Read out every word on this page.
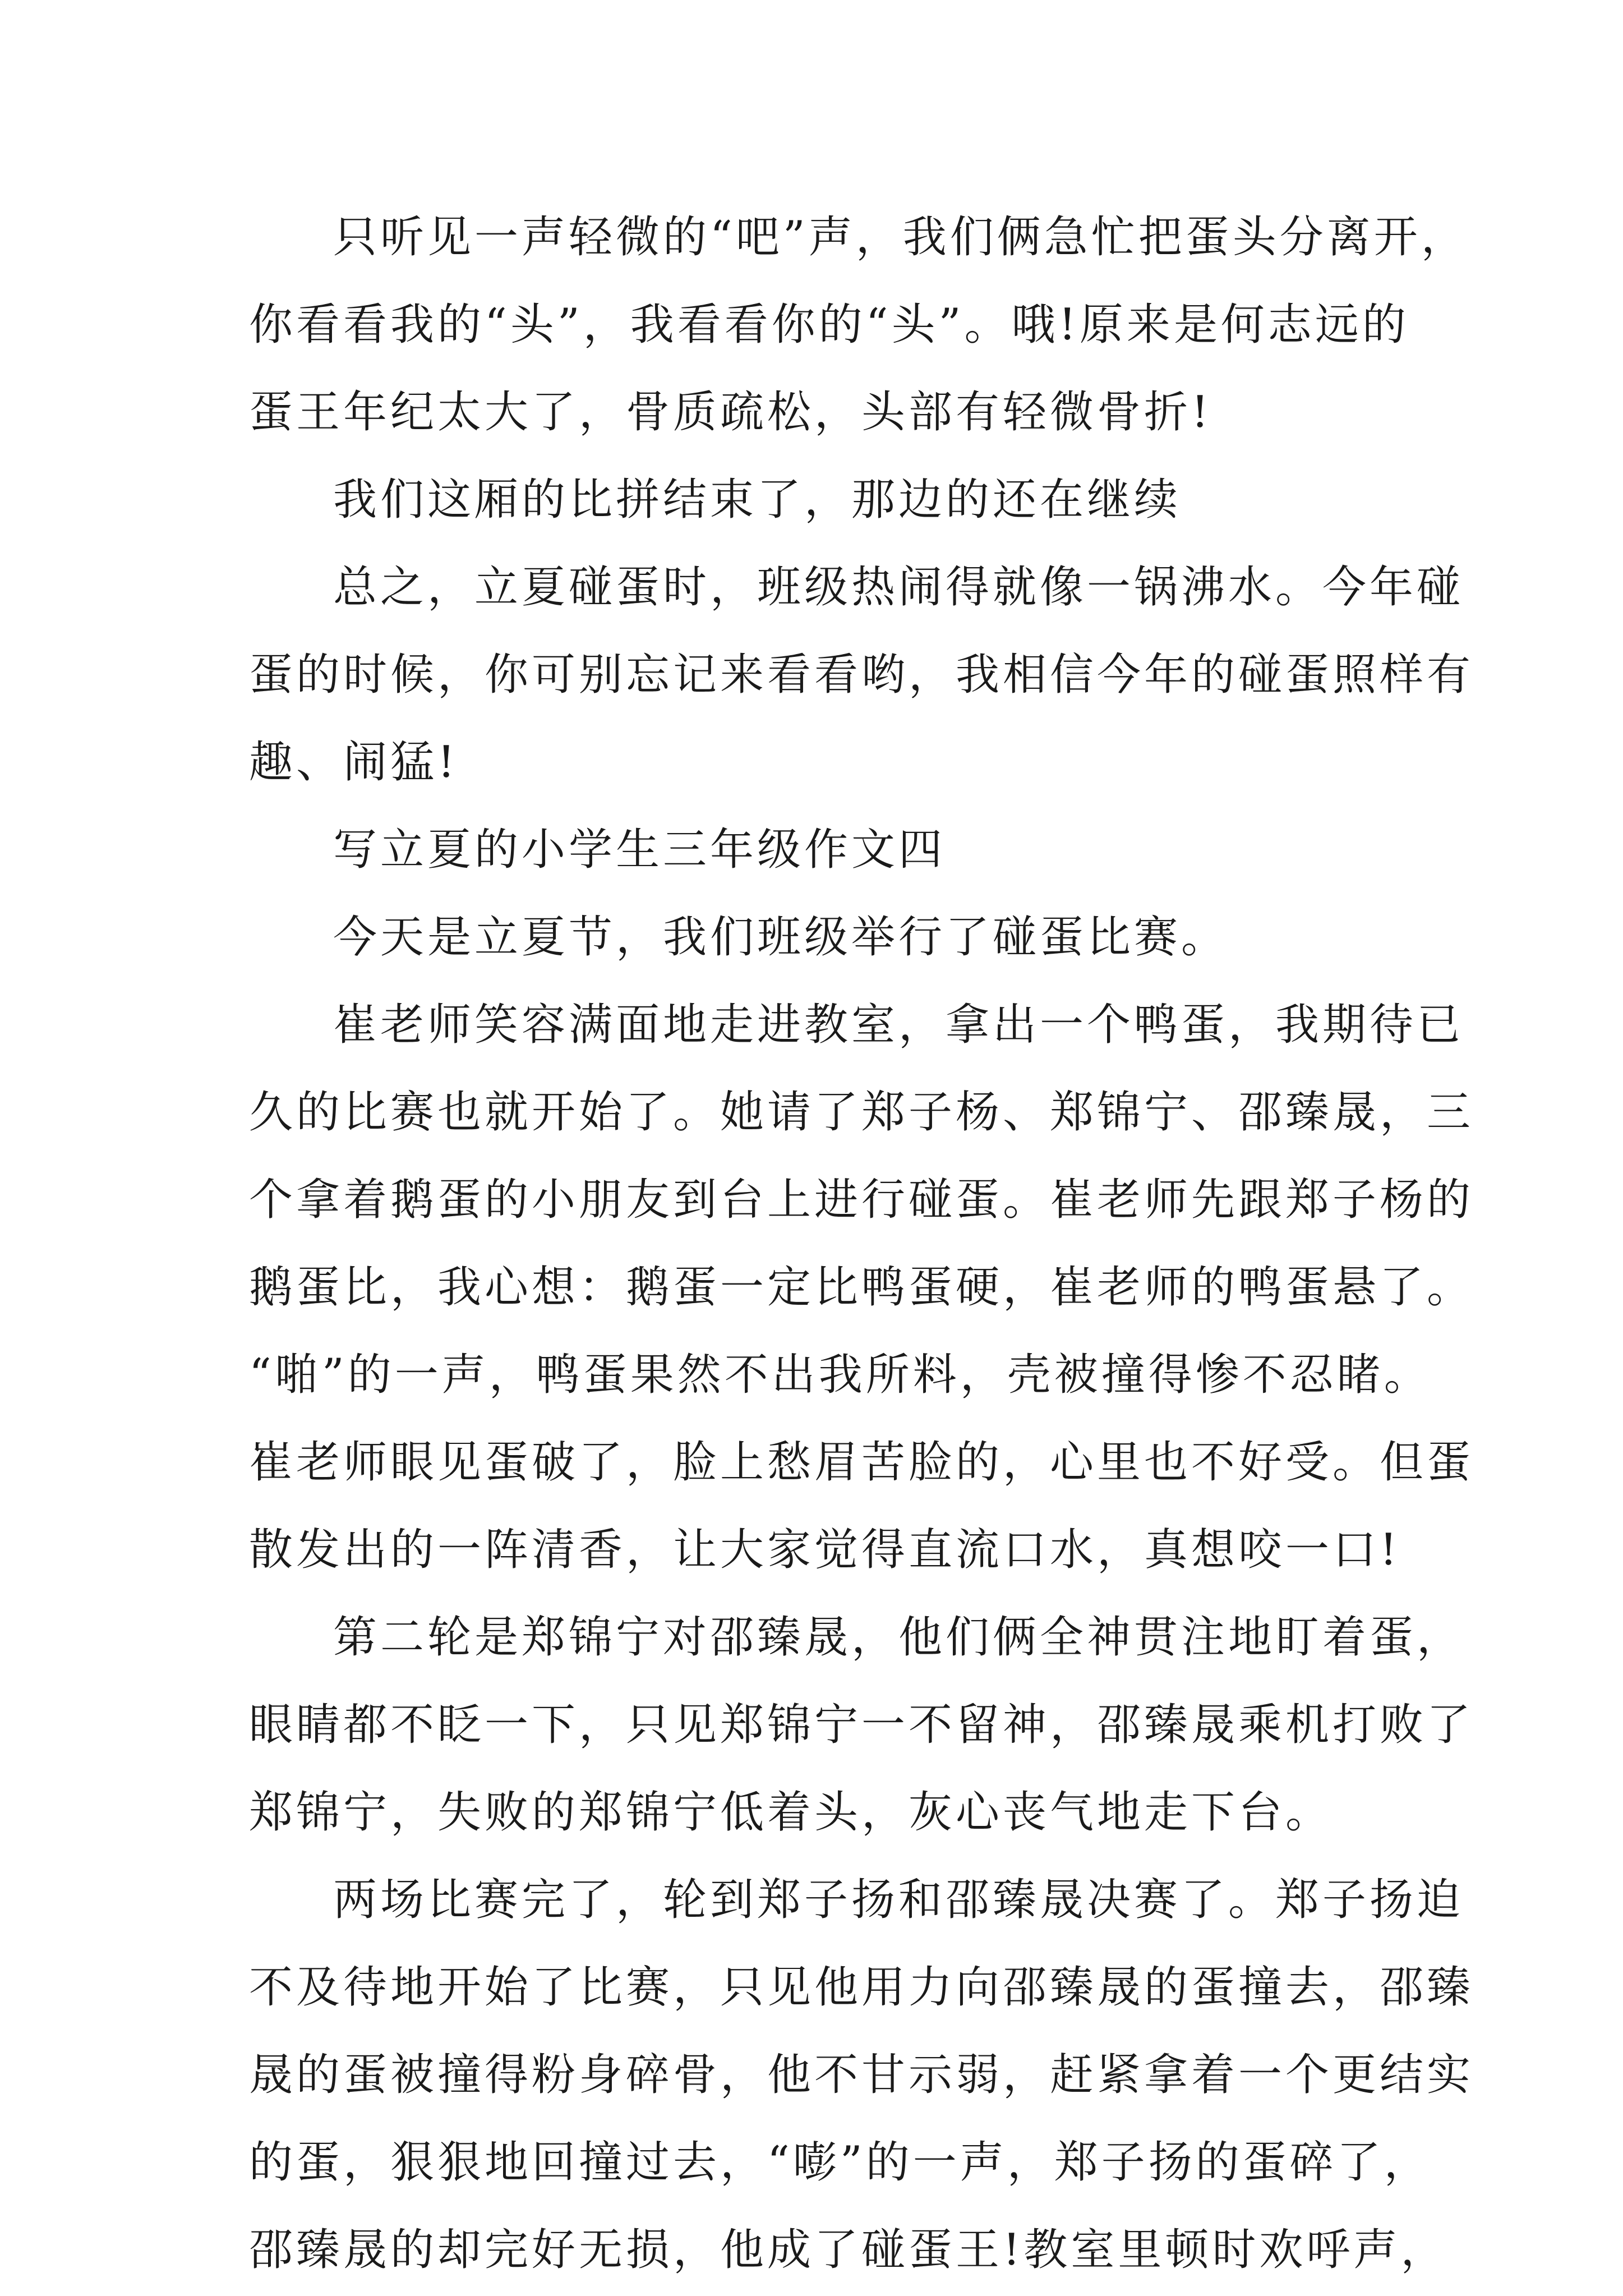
只听见一声轻微的“吧”声，我们俩急忙把蛋头分离开，
你看看我的“头”，我看看你的“头”。哦!原来是何志远的
蛋王年纪太大了，骨质疏松，头部有轻微骨折!
我们这厢的比拼结束了，那边的还在继续
总之，立夏碰蛋时，班级热闹得就像一锅沸水。今年碰
蛋的时候，你可别忘记来看看哟，我相信今年的碰蛋照样有
趣、闹猛!
写立夏的小学生三年级作文四
今天是立夏节，我们班级举行了碰蛋比赛。
崔老师笑容满面地走进教室，拿出一个鸭蛋，我期待已
久的比赛也就开始了。她请了郑子杨、郑锦宁、邵臻晟，三
个拿着鹅蛋的小朋友到台上进行碰蛋。崔老师先跟郑子杨的
鹅蛋比，我心想：鹅蛋一定比鸭蛋硬，崔老师的鸭蛋悬了。
“啪”的一声，鸭蛋果然不出我所料，壳被撞得惨不忍睹。
崔老师眼见蛋破了，脸上愁眉苦脸的，心里也不好受。但蛋
散发出的一阵清香，让大家觉得直流口水，真想咬一口!
第二轮是郑锦宁对邵臻晟，他们俩全神贯注地盯着蛋，
眼睛都不眨一下，只见郑锦宁一不留神，邵臻晟乘机打败了
郑锦宁，失败的郑锦宁低着头，灰心丧气地走下台。
两场比赛完了，轮到郑子扬和邵臻晟决赛了。郑子扬迫
不及待地开始了比赛，只见他用力向邵臻晟的蛋撞去，邵臻
晟的蛋被撞得粉身碎骨，他不甘示弱，赶紧拿着一个更结实
的蛋，狠狠地回撞过去，“嘭”的一声，郑子扬的蛋碎了，
邵臻晟的却完好无损，他成了碰蛋王!教室里顿时欢呼声，
